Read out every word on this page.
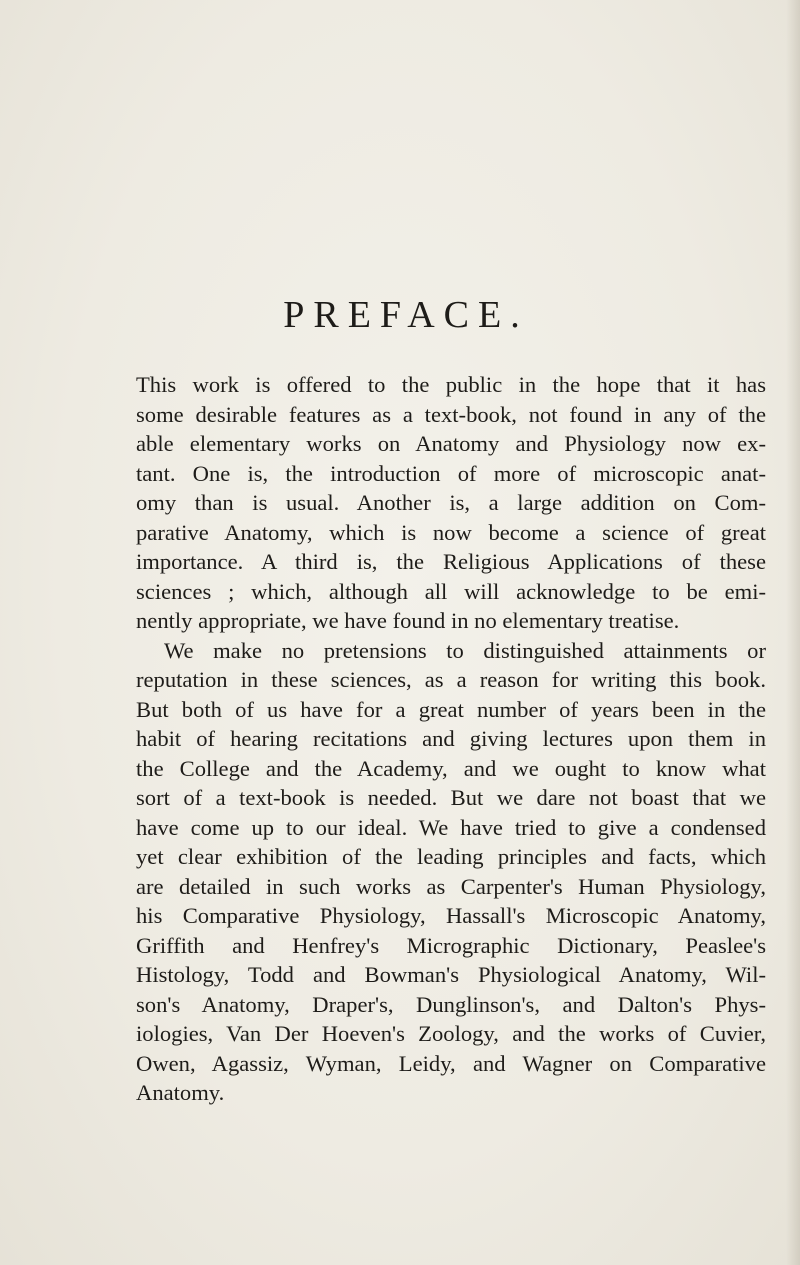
PREFACE.
This work is offered to the public in the hope that it has
some desirable features as a text-book, not found in any of the
able elementary works on Anatomy and Physiology now ex-
tant. One is, the introduction of more of microscopic anat-
omy than is usual. Another is, a large addition on Com-
parative Anatomy, which is now become a science of great
importance. A third is, the Religious Applications of these
sciences ; which, although all will acknowledge to be emi-
nently appropriate, we have found in no elementary treatise.
We make no pretensions to distinguished attainments or
reputation in these sciences, as a reason for writing this book.
But both of us have for a great number of years been in the
habit of hearing recitations and giving lectures upon them in
the College and the Academy, and we ought to know what
sort of a text-book is needed. But we dare not boast that we
have come up to our ideal. We have tried to give a condensed
yet clear exhibition of the leading principles and facts, which
are detailed in such works as Carpenter's Human Physiology,
his Comparative Physiology, Hassall's Microscopic Anatomy,
Griffith and Henfrey's Micrographic Dictionary, Peaslee's
Histology, Todd and Bowman's Physiological Anatomy, Wil-
son's Anatomy, Draper's, Dunglinson's, and Dalton's Phys-
iologies, Van Der Hoeven's Zoology, and the works of Cuvier,
Owen, Agassiz, Wyman, Leidy, and Wagner on Comparative
Anatomy.
